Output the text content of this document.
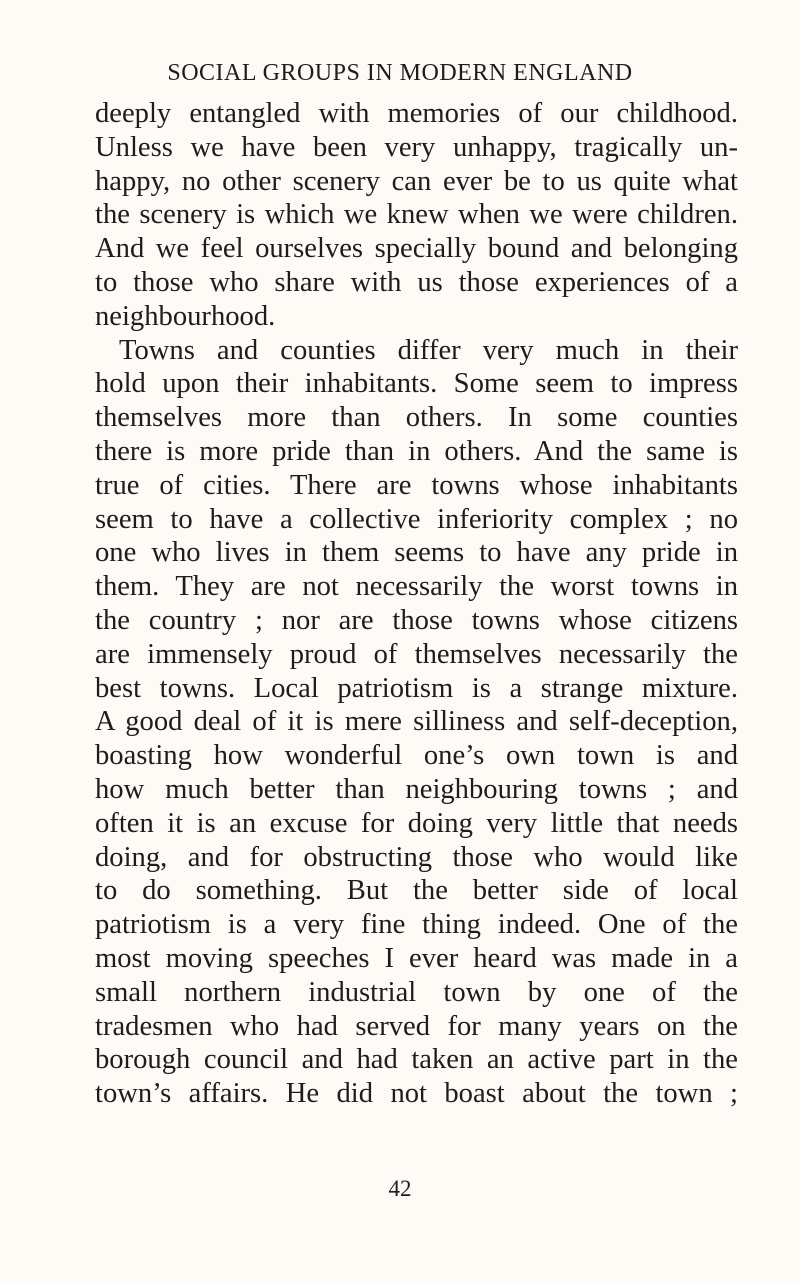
SOCIAL GROUPS IN MODERN ENGLAND
deeply entangled with memories of our childhood.
Unless we have been very unhappy, tragically un-
happy, no other scenery can ever be to us quite what
the scenery is which we knew when we were children.
And we feel ourselves specially bound and belonging
to those who share with us those experiences of a
neighbourhood.
Towns and counties differ very much in their
hold upon their inhabitants. Some seem to impress
themselves more than others. In some counties
there is more pride than in others. And the same is
true of cities. There are towns whose inhabitants
seem to have a collective inferiority complex ; no
one who lives in them seems to have any pride in
them. They are not necessarily the worst towns in
the country ; nor are those towns whose citizens
are immensely proud of themselves necessarily the
best towns. Local patriotism is a strange mixture.
A good deal of it is mere silliness and self-deception,
boasting how wonderful one’s own town is and
how much better than neighbouring towns ; and
often it is an excuse for doing very little that needs
doing, and for obstructing those who would like
to do something. But the better side of local
patriotism is a very fine thing indeed. One of the
most moving speeches I ever heard was made in a
small northern industrial town by one of the
tradesmen who had served for many years on the
borough council and had taken an active part in the
town’s affairs. He did not boast about the town ;
42
